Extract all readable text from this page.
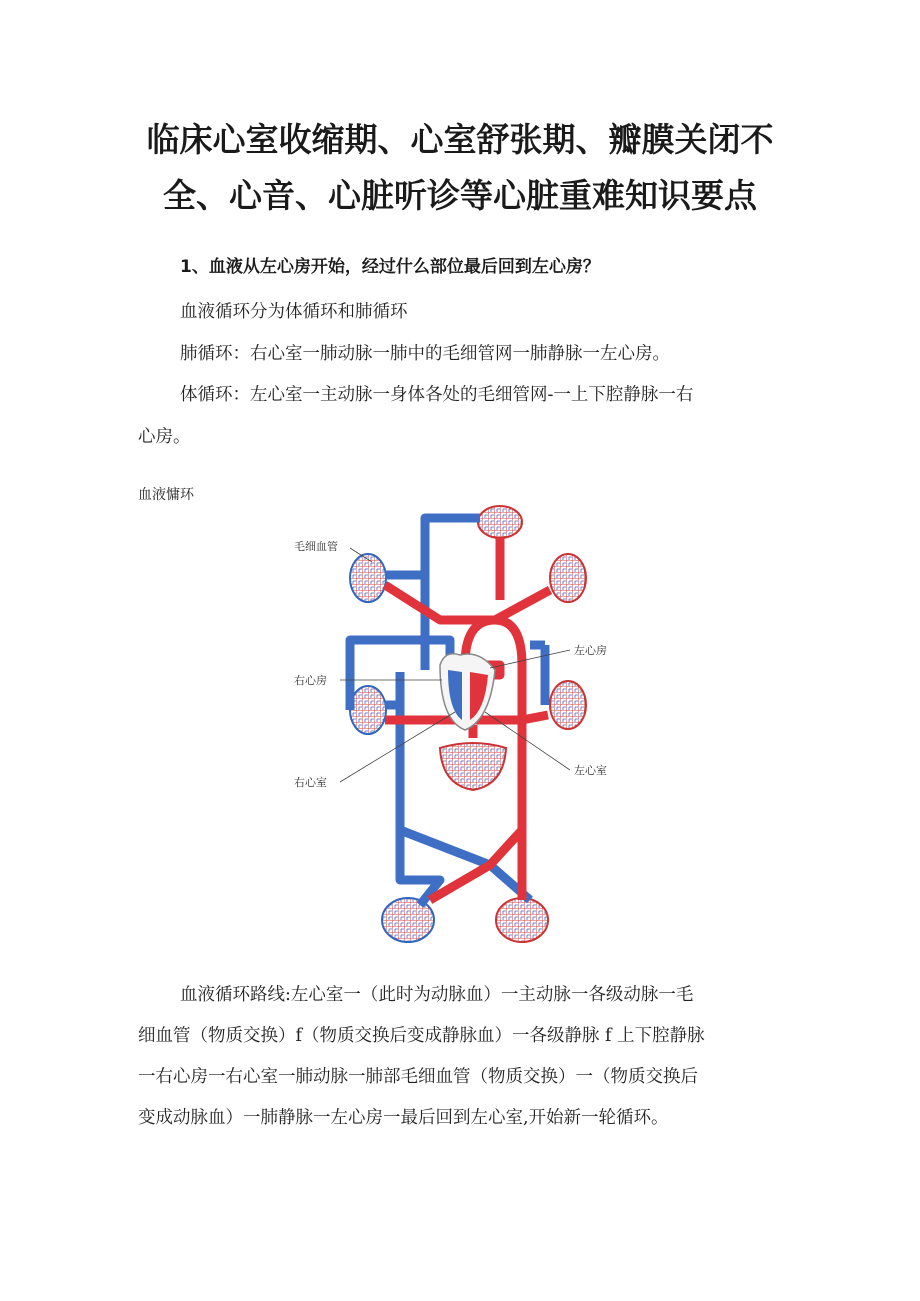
临床心室收缩期、心室舒张期、瓣膜关闭不
全、心音、心脏听诊等心脏重难知识要点
1、血液从左心房开始，经过什么部位最后回到左心房？
血液循环分为体循环和肺循环
肺循环：右心室一肺动脉一肺中的毛细管网一肺静脉一左心房。
体循环：左心室一主动脉一身体各处的毛细管网-一上下腔静脉一右
心房。
血液慵环
毛细血管
右心房
右心室
左心房
左心室
血液循环路线:左心室一（此时为动脉血）一主动脉一各级动脉一毛
细血管（物质交换）f（物质交换后变成静脉血）一各级静脉 f 上下腔静脉
一右心房一右心室一肺动脉一肺部毛细血管（物质交换）一（物质交换后
变成动脉血）一肺静脉一左心房一最后回到左心室,开始新一轮循环。
